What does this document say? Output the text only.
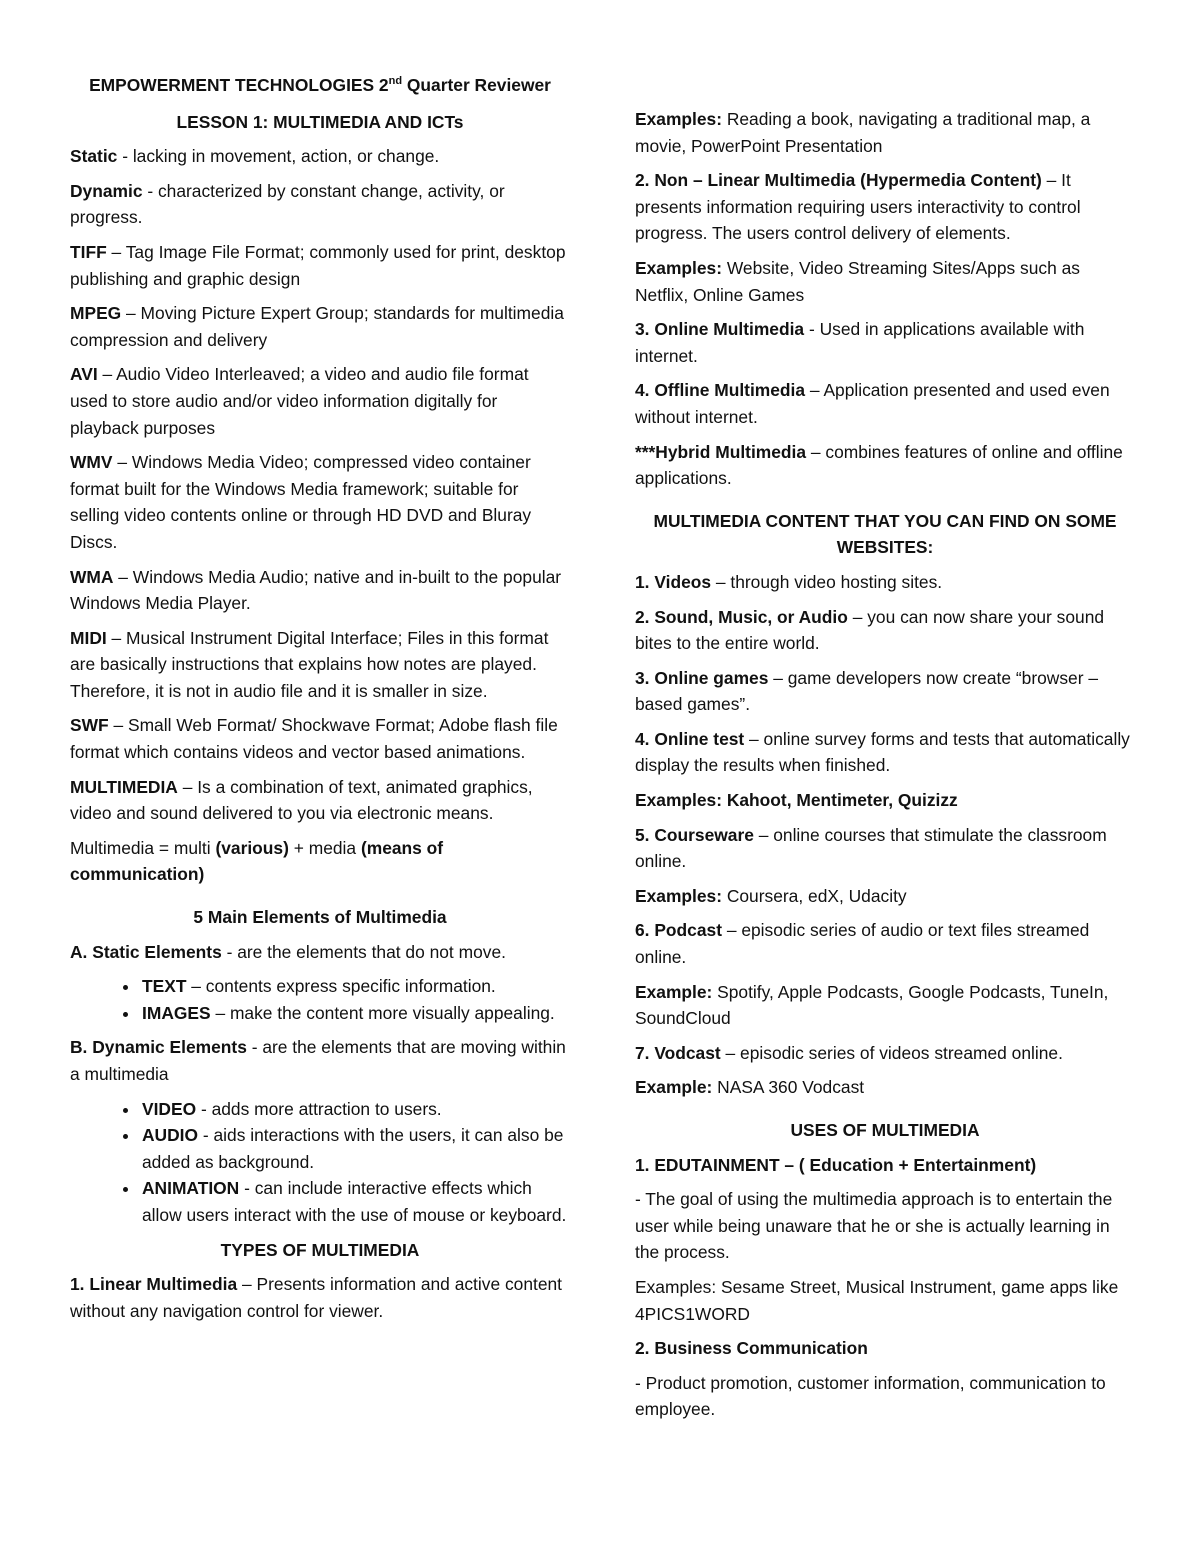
EMPOWERMENT TECHNOLOGIES 2nd Quarter Reviewer

LESSON 1: MULTIMEDIA AND ICTs

Static - lacking in movement, action, or change.

Dynamic - characterized by constant change, activity, or progress.

TIFF – Tag Image File Format; commonly used for print, desktop publishing and graphic design

MPEG – Moving Picture Expert Group; standards for multimedia compression and delivery

AVI – Audio Video Interleaved; a video and audio file format used to store audio and/or video information digitally for playback purposes

WMV – Windows Media Video; compressed video container format built for the Windows Media framework; suitable for selling video contents online or through HD DVD and Bluray Discs.

WMA – Windows Media Audio; native and in-built to the popular Windows Media Player.

MIDI – Musical Instrument Digital Interface; Files in this format are basically instructions that explains how notes are played. Therefore, it is not in audio file and it is smaller in size.

SWF – Small Web Format/ Shockwave Format; Adobe flash file format which contains videos and vector based animations.

MULTIMEDIA – Is a combination of text, animated graphics, video and sound delivered to you via electronic means.

Multimedia = multi (various) + media (means of communication)

5 Main Elements of Multimedia

A. Static Elements - are the elements that do not move.

• TEXT – contents express specific information.
• IMAGES – make the content more visually appealing.

B. Dynamic Elements - are the elements that are moving within a multimedia

• VIDEO - adds more attraction to users.
• AUDIO - aids interactions with the users, it can also be added as background.
• ANIMATION - can include interactive effects which allow users interact with the use of mouse or keyboard.

TYPES OF MULTIMEDIA

1. Linear Multimedia – Presents information and active content without any navigation control for viewer.

Examples: Reading a book, navigating a traditional map, a movie, PowerPoint Presentation

2. Non – Linear Multimedia (Hypermedia Content) – It presents information requiring users interactivity to control progress. The users control delivery of elements.

Examples: Website, Video Streaming Sites/Apps such as Netflix, Online Games

3. Online Multimedia - Used in applications available with internet.

4. Offline Multimedia – Application presented and used even without internet.

***Hybrid Multimedia – combines features of online and offline applications.

MULTIMEDIA CONTENT THAT YOU CAN FIND ON SOME WEBSITES:

1. Videos – through video hosting sites.

2. Sound, Music, or Audio – you can now share your sound bites to the entire world.

3. Online games – game developers now create “browser – based games”.

4. Online test – online survey forms and tests that automatically display the results when finished.

Examples: Kahoot, Mentimeter, Quizizz

5. Courseware – online courses that stimulate the classroom online.

Examples: Coursera, edX, Udacity

6. Podcast – episodic series of audio or text files streamed online.

Example: Spotify, Apple Podcasts, Google Podcasts, TuneIn, SoundCloud

7. Vodcast – episodic series of videos streamed online.

Example: NASA 360 Vodcast

USES OF MULTIMEDIA

1. EDUTAINMENT – ( Education + Entertainment)

- The goal of using the multimedia approach is to entertain the user while being unaware that he or she is actually learning in the process.

Examples: Sesame Street, Musical Instrument, game apps like 4PICS1WORD

2. Business Communication

- Product promotion, customer information, communication to employee.
